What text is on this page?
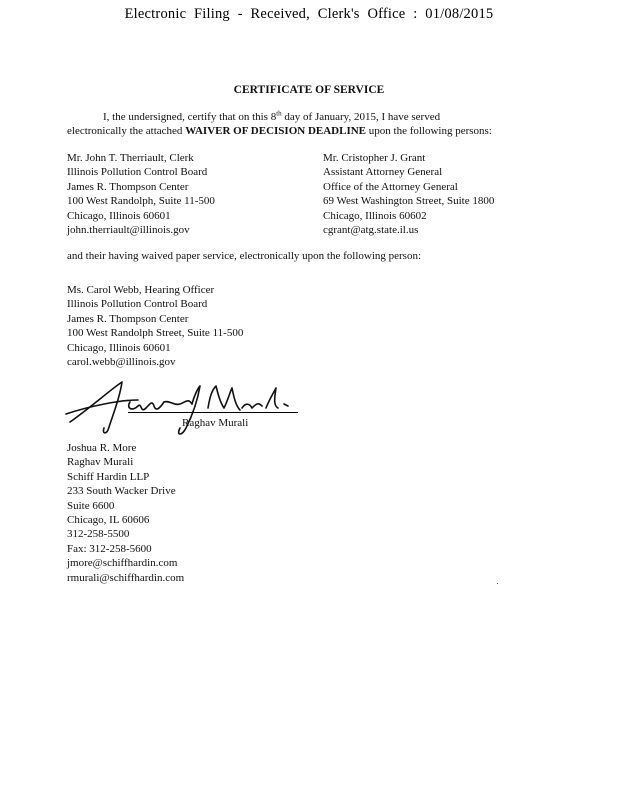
Electronic Filing - Received, Clerk's Office : 01/08/2015
CERTIFICATE OF SERVICE
I, the undersigned, certify that on this 8th day of January, 2015, I have served
electronically the attached WAIVER OF DECISION DEADLINE upon the following persons:
Mr. John T. Therriault, Clerk
Illinois Pollution Control Board
James R. Thompson Center
100 West Randolph, Suite 11-500
Chicago, Illinois 60601
john.therriault@illinois.gov
Mr. Cristopher J. Grant
Assistant Attorney General
Office of the Attorney General
69 West Washington Street, Suite 1800
Chicago, Illinois 60602
cgrant@atg.state.il.us
and their having waived paper service, electronically upon the following person:
Ms. Carol Webb, Hearing Officer
Illinois Pollution Control Board
James R. Thompson Center
100 West Randolph Street, Suite 11-500
Chicago, Illinois 60601
carol.webb@illinois.gov
Raghav Murali
Joshua R. More
Raghav Murali
Schiff Hardin LLP
233 South Wacker Drive
Suite 6600
Chicago, IL 60606
312-258-5500
Fax: 312-258-5600
jmore@schiffhardin.com
rmurali@schiffhardin.com
